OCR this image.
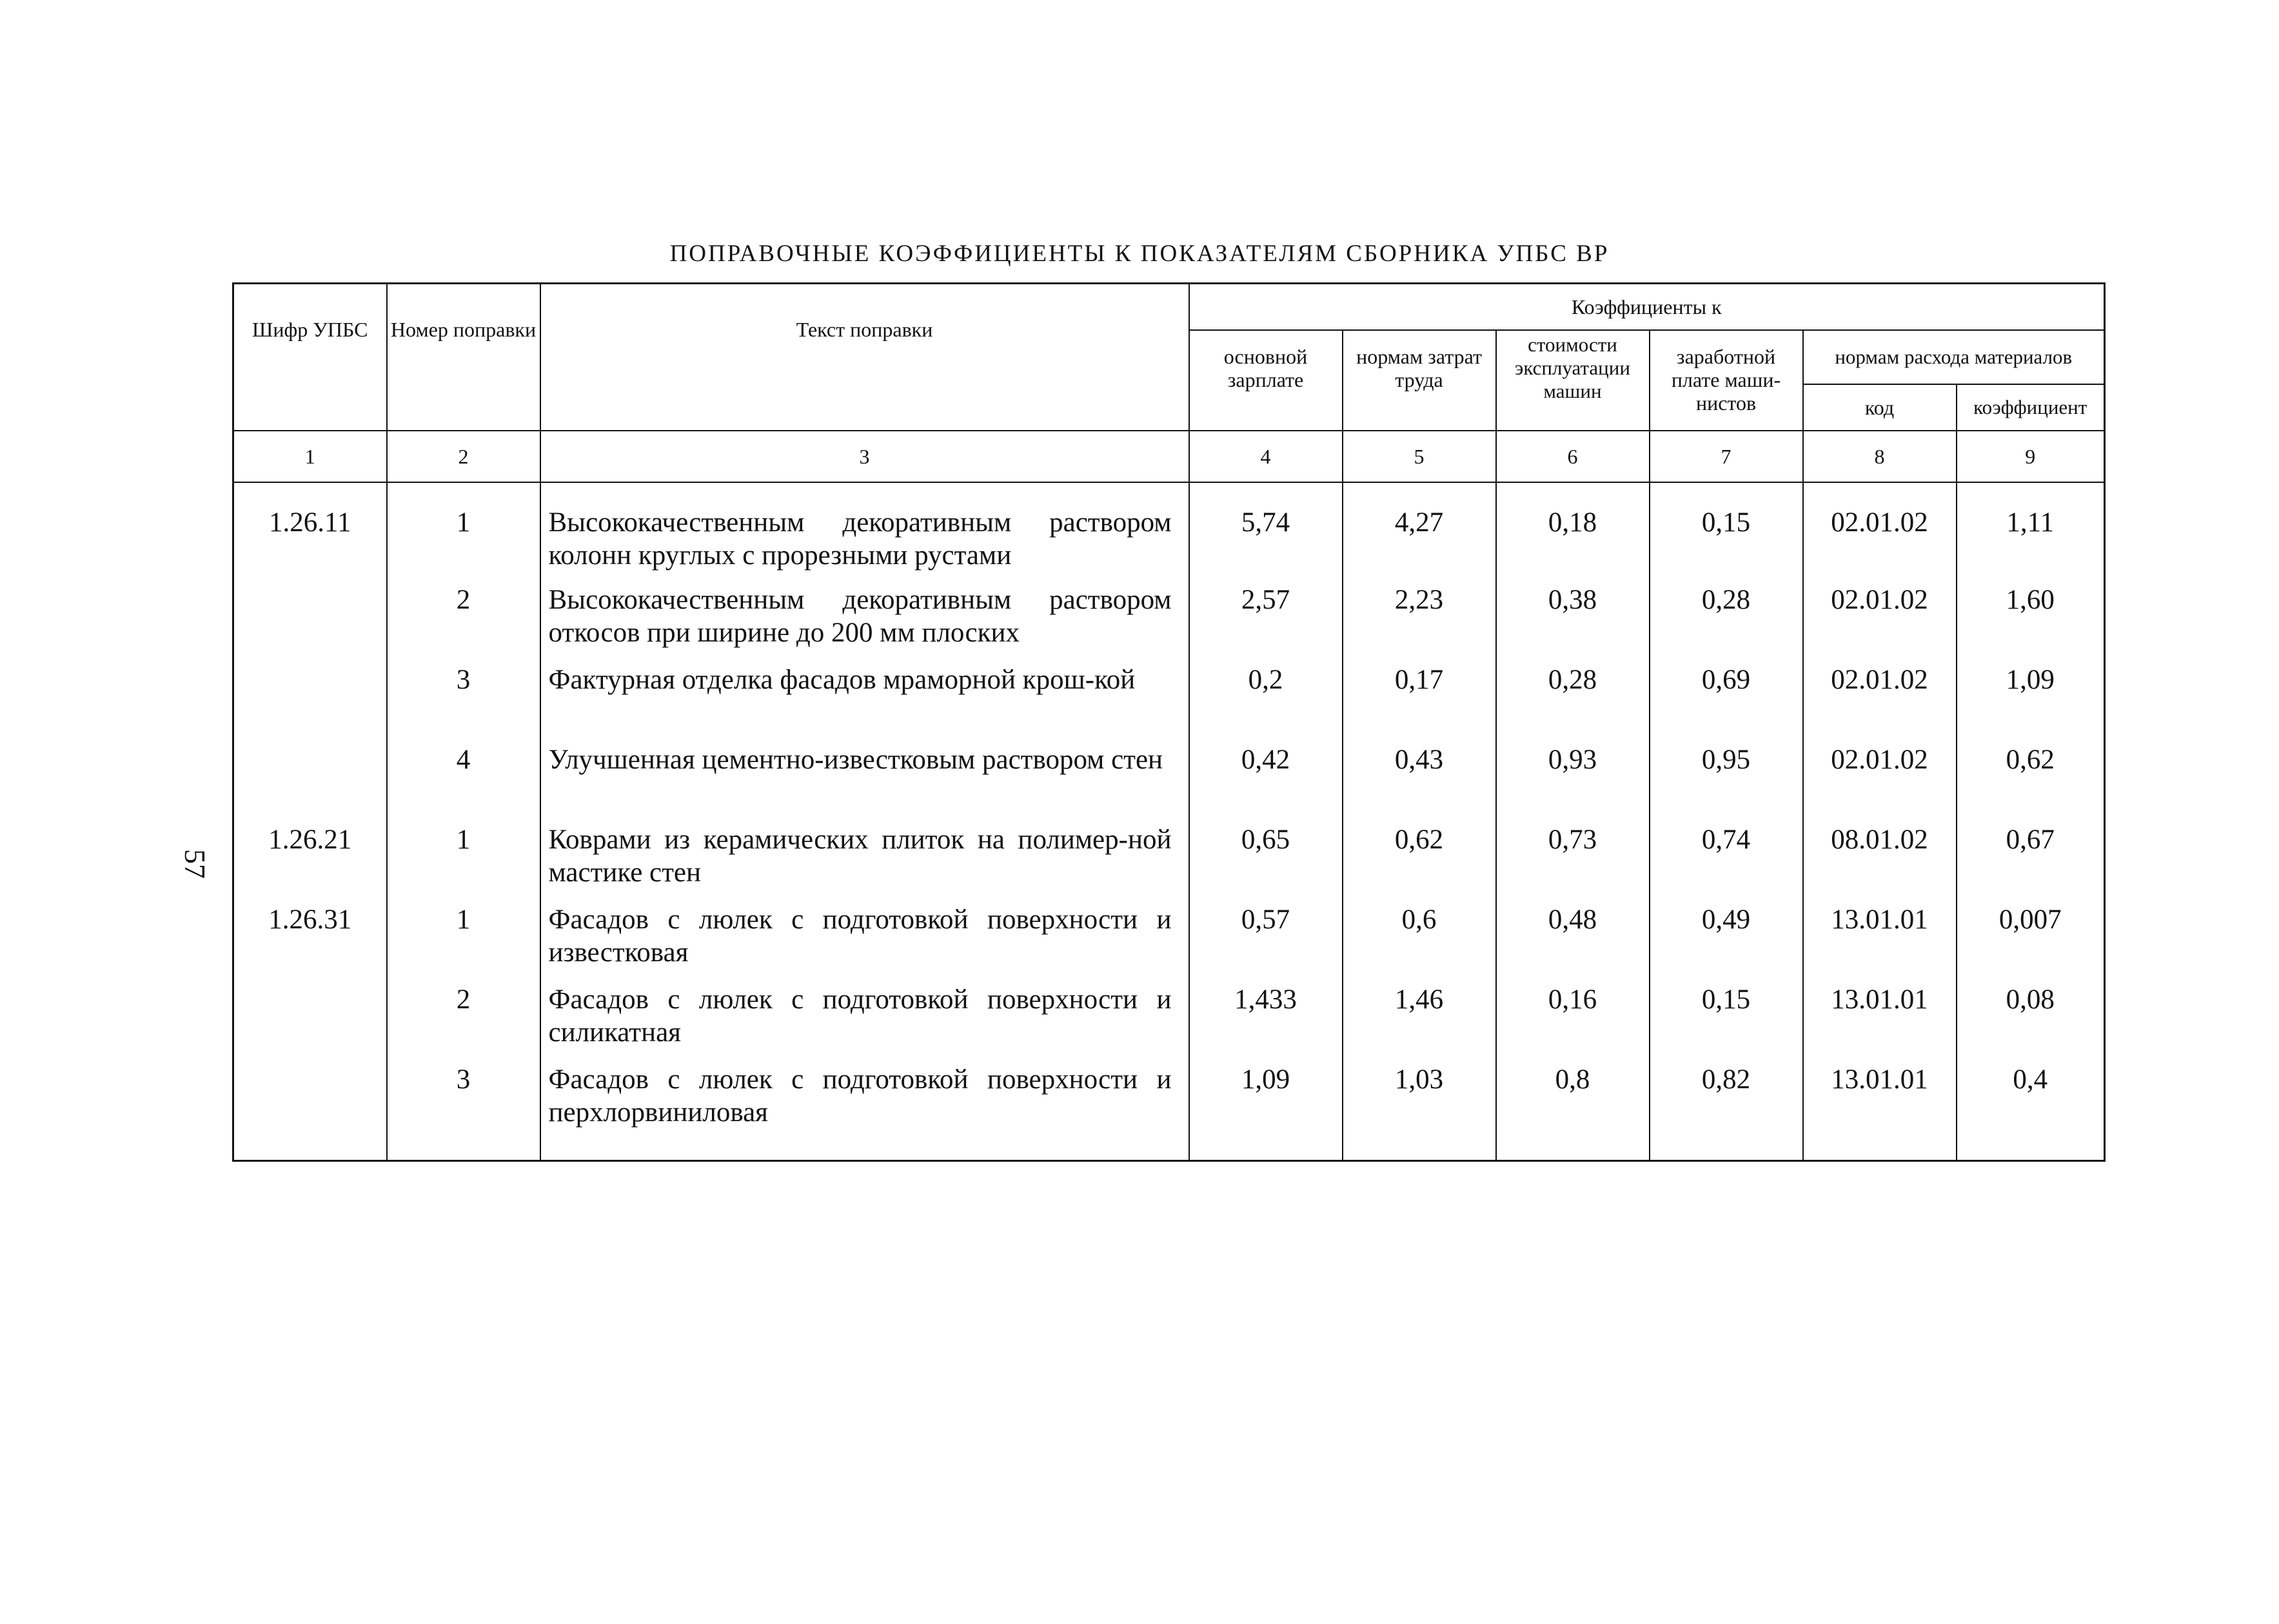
ПОПРАВОЧНЫЕ КОЭФФИЦИЕНТЫ К ПОКАЗАТЕЛЯМ СБОРНИКА УПБС ВР
57
Шифр УПБС	Номер поправки	Текст поправки	Коэффициенты к					
			основной зарплате	нормам затрат труда	стоимости эксплуатации машин	заработной плате маши-нистов	нормам расхода материалов	
							код	коэффициент
1	2	3	4	5	6	7	8	9
1.26.11	1	Высококачественным декоративным раствором колонн круглых с прорезными рустами	5,74	4,27	0,18	0,15	02.01.02	1,11
	2	Высококачественным декоративным раствором откосов при ширине до 200 мм плоских	2,57	2,23	0,38	0,28	02.01.02	1,60
	3	Фактурная отделка фасадов мраморной крош-кой	0,2	0,17	0,28	0,69	02.01.02	1,09
	4	Улучшенная цементно-известковым раствором стен	0,42	0,43	0,93	0,95	02.01.02	0,62
1.26.21	1	Коврами из керамических плиток на полимер-ной мастике стен	0,65	0,62	0,73	0,74	08.01.02	0,67
1.26.31	1	Фасадов с люлек с подготовкой поверхности и известковая	0,57	0,6	0,48	0,49	13.01.01	0,007
	2	Фасадов с люлек с подготовкой поверхности и силикатная	1,433	1,46	0,16	0,15	13.01.01	0,08
	3	Фасадов с люлек с подготовкой поверхности и перхлорвиниловая	1,09	1,03	0,8	0,82	13.01.01	0,4
